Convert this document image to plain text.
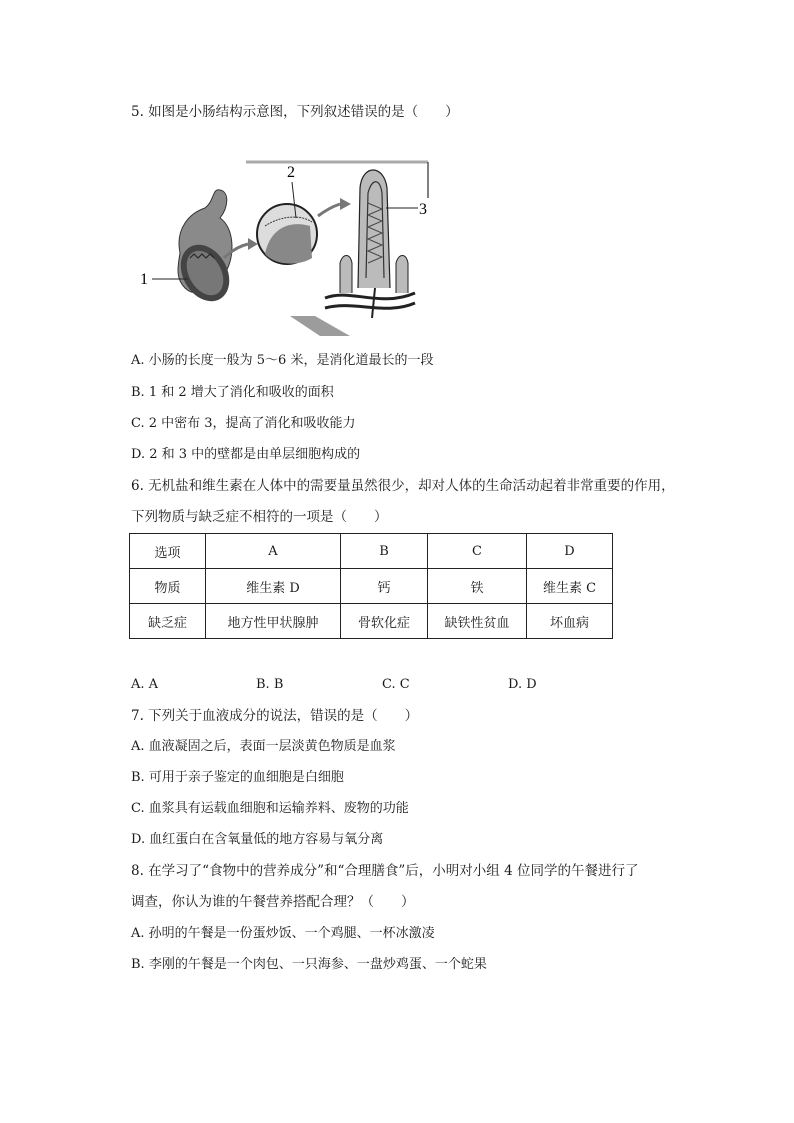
5. 如图是小肠结构示意图，下列叙述错误的是（　　）
1
2
3
A. 小肠的长度一般为 5～6 米，是消化道最长的一段
B. 1 和 2 增大了消化和吸收的面积
C. 2 中密布 3，提高了消化和吸收能力
D. 2 和 3 中的壁都是由单层细胞构成的
6. 无机盐和维生素在人体中的需要量虽然很少，却对人体的生命活动起着非常重要的作用，
下列物质与缺乏症不相符的一项是（　　）
选项	A	B	C	D
物质	维生素 D	钙	铁	维生素 C
缺乏症	地方性甲状腺肿	骨软化症	缺铁性贫血	坏血病
A. A	B. B	C. C	D. D
7. 下列关于血液成分的说法，错误的是（　　）
A. 血液凝固之后，表面一层淡黄色物质是血浆
B. 可用于亲子鉴定的血细胞是白细胞
C. 血浆具有运载血细胞和运输养料、废物的功能
D. 血红蛋白在含氧量低的地方容易与氧分离
8. 在学习了“食物中的营养成分”和“合理膳食”后，小明对小组 4 位同学的午餐进行了
调查，你认为谁的午餐营养搭配合理？（　　）
A. 孙明的午餐是一份蛋炒饭、一个鸡腿、一杯冰激凌
B. 李刚的午餐是一个肉包、一只海参、一盘炒鸡蛋、一个蛇果
